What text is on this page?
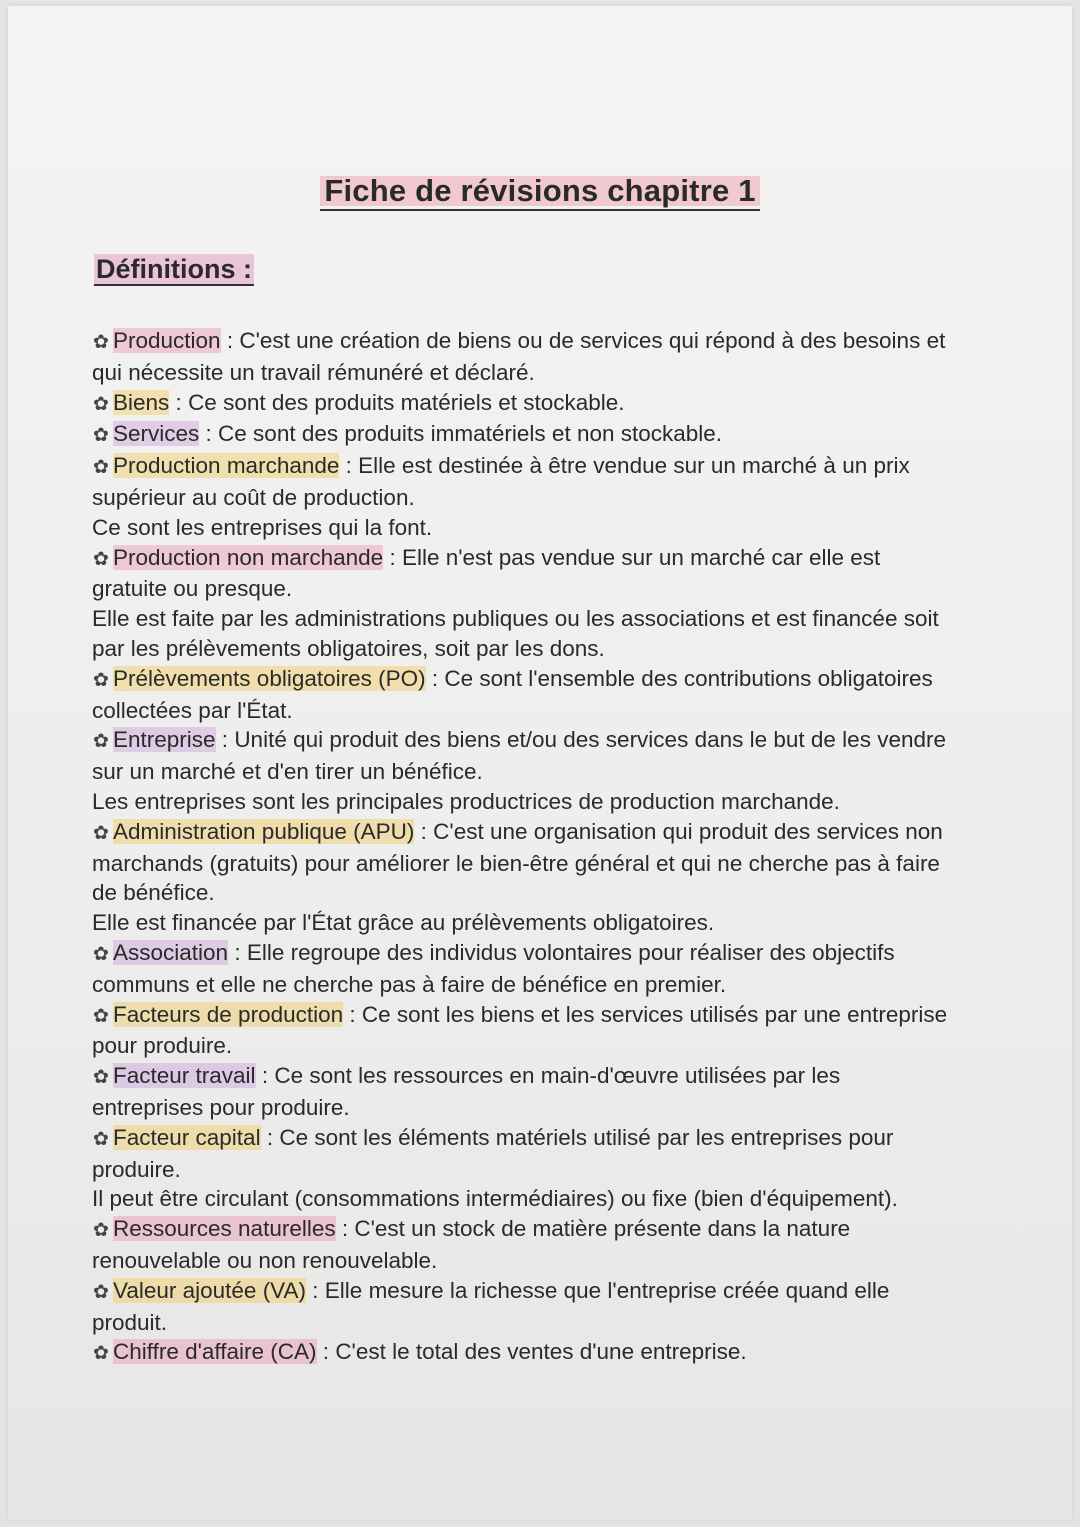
Fiche de révisions chapitre 1
Définitions :

✿ Production : C'est une création de biens ou de services qui répond à des besoins et qui nécessite un travail rémunéré et déclaré.

✿ Biens : Ce sont des produits matériels et stockable.

✿ Services : Ce sont des produits immatériels et non stockable.

✿ Production marchande : Elle est destinée à être vendue sur un marché à un prix supérieur au coût de production.

Ce sont les entreprises qui la font.

✿ Production non marchande : Elle n'est pas vendue sur un marché car elle est gratuite ou presque.

Elle est faite par les administrations publiques ou les associations et est financée soit par les prélèvements obligatoires, soit par les dons.

✿ Prélèvements obligatoires (PO) : Ce sont l'ensemble des contributions obligatoires collectées par l'État.

✿ Entreprise : Unité qui produit des biens et/ou des services dans le but de les vendre sur un marché et d'en tirer un bénéfice.

Les entreprises sont les principales productrices de production marchande.

✿ Administration publique (APU) : C'est une organisation qui produit des services non marchands (gratuits) pour améliorer le bien-être général et qui ne cherche pas à faire de bénéfice.

Elle est financée par l'État grâce au prélèvements obligatoires.

✿ Association : Elle regroupe des individus volontaires pour réaliser des objectifs communs et elle ne cherche pas à faire de bénéfice en premier.

✿ Facteurs de production : Ce sont les biens et les services utilisés par une entreprise pour produire.

✿ Facteur travail : Ce sont les ressources en main-d'œuvre utilisées par les entreprises pour produire.

✿ Facteur capital : Ce sont les éléments matériels utilisé par les entreprises pour produire.

Il peut être circulant (consommations intermédiaires) ou fixe (bien d'équipement).

✿ Ressources naturelles : C'est un stock de matière présente dans la nature renouvelable ou non renouvelable.

✿ Valeur ajoutée (VA) : Elle mesure la richesse que l'entreprise créée quand elle produit.

✿ Chiffre d'affaire (CA) : C'est le total des ventes d'une entreprise.
